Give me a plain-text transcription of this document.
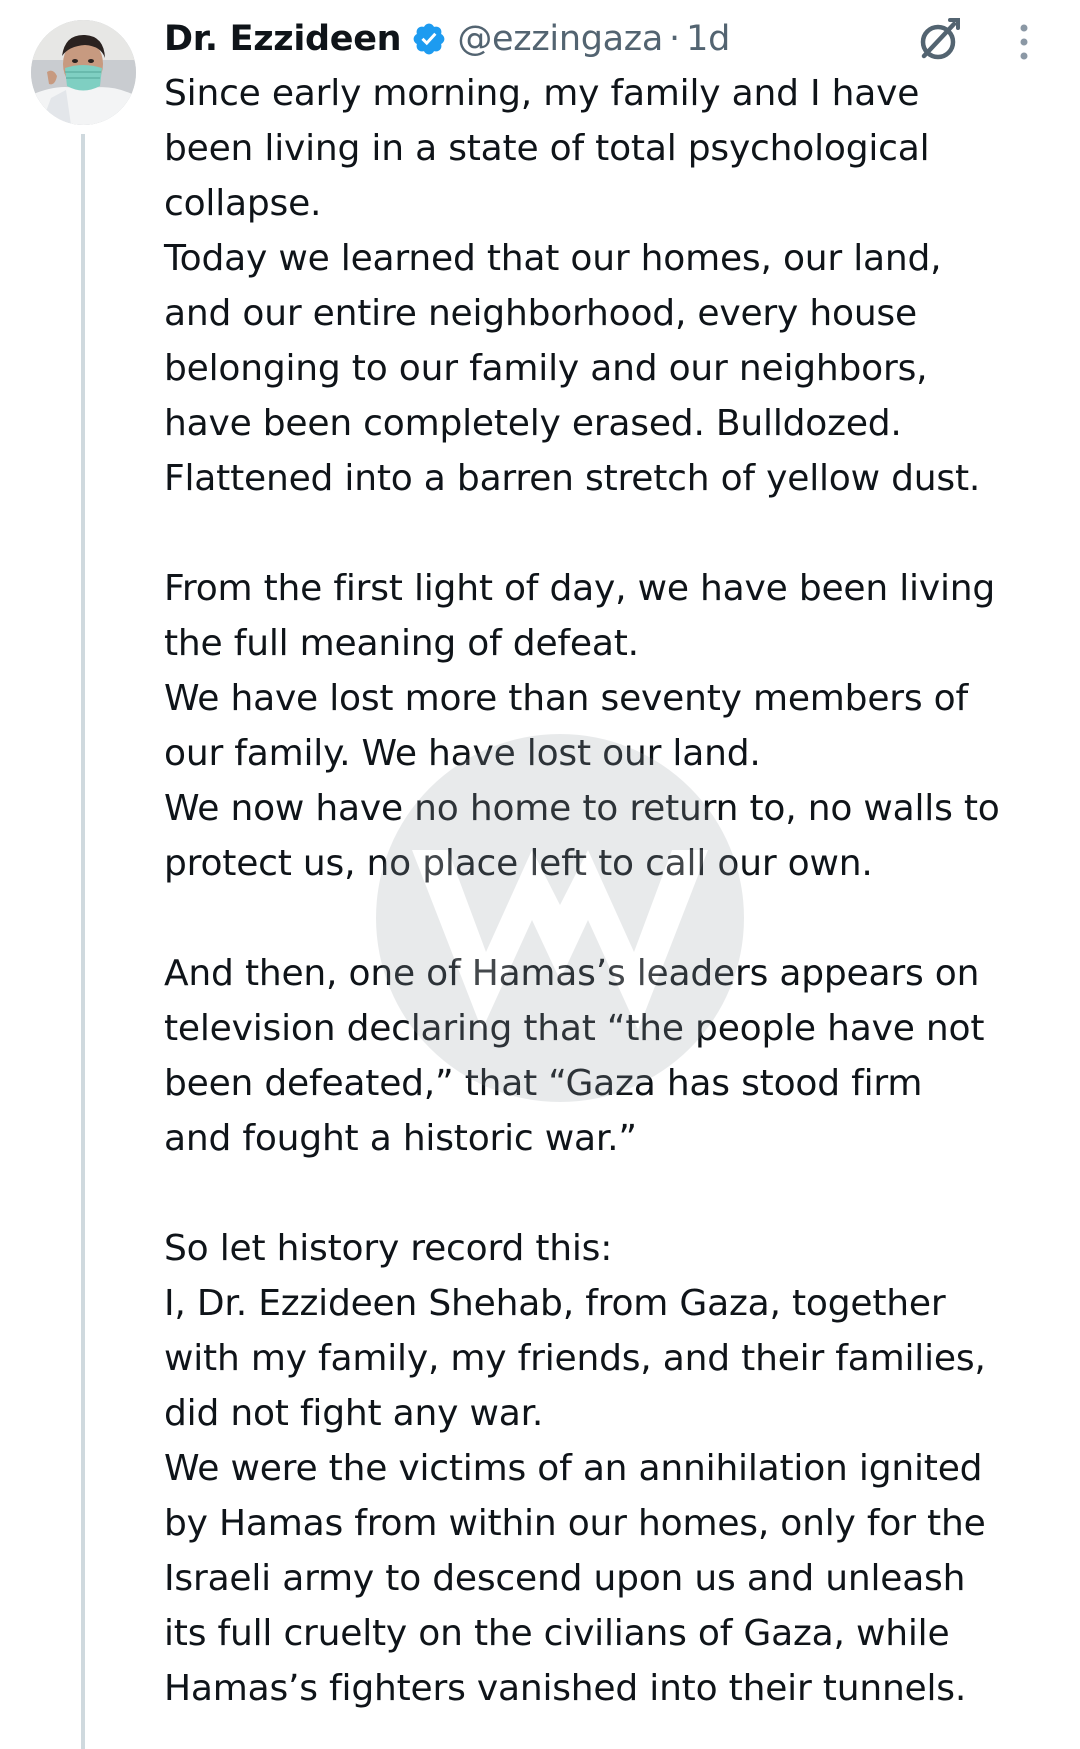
Dr. Ezzideen @ezzingaza · 1d
Since early morning, my family and I have
been living in a state of total psychological
collapse.
Today we learned that our homes, our land,
and our entire neighborhood, every house
belonging to our family and our neighbors,
have been completely erased. Bulldozed.
Flattened into a barren stretch of yellow dust.
From the first light of day, we have been living
the full meaning of defeat.
We have lost more than seventy members of
our family. We have lost our land.
We now have no home to return to, no walls to
protect us, no place left to call our own.
And then, one of Hamas’s leaders appears on
television declaring that “the people have not
been defeated,” that “Gaza has stood firm
and fought a historic war.”
So let history record this:
I, Dr. Ezzideen Shehab, from Gaza, together
with my family, my friends, and their families,
did not fight any war.
We were the victims of an annihilation ignited
by Hamas from within our homes, only for the
Israeli army to descend upon us and unleash
its full cruelty on the civilians of Gaza, while
Hamas’s fighters vanished into their tunnels.
